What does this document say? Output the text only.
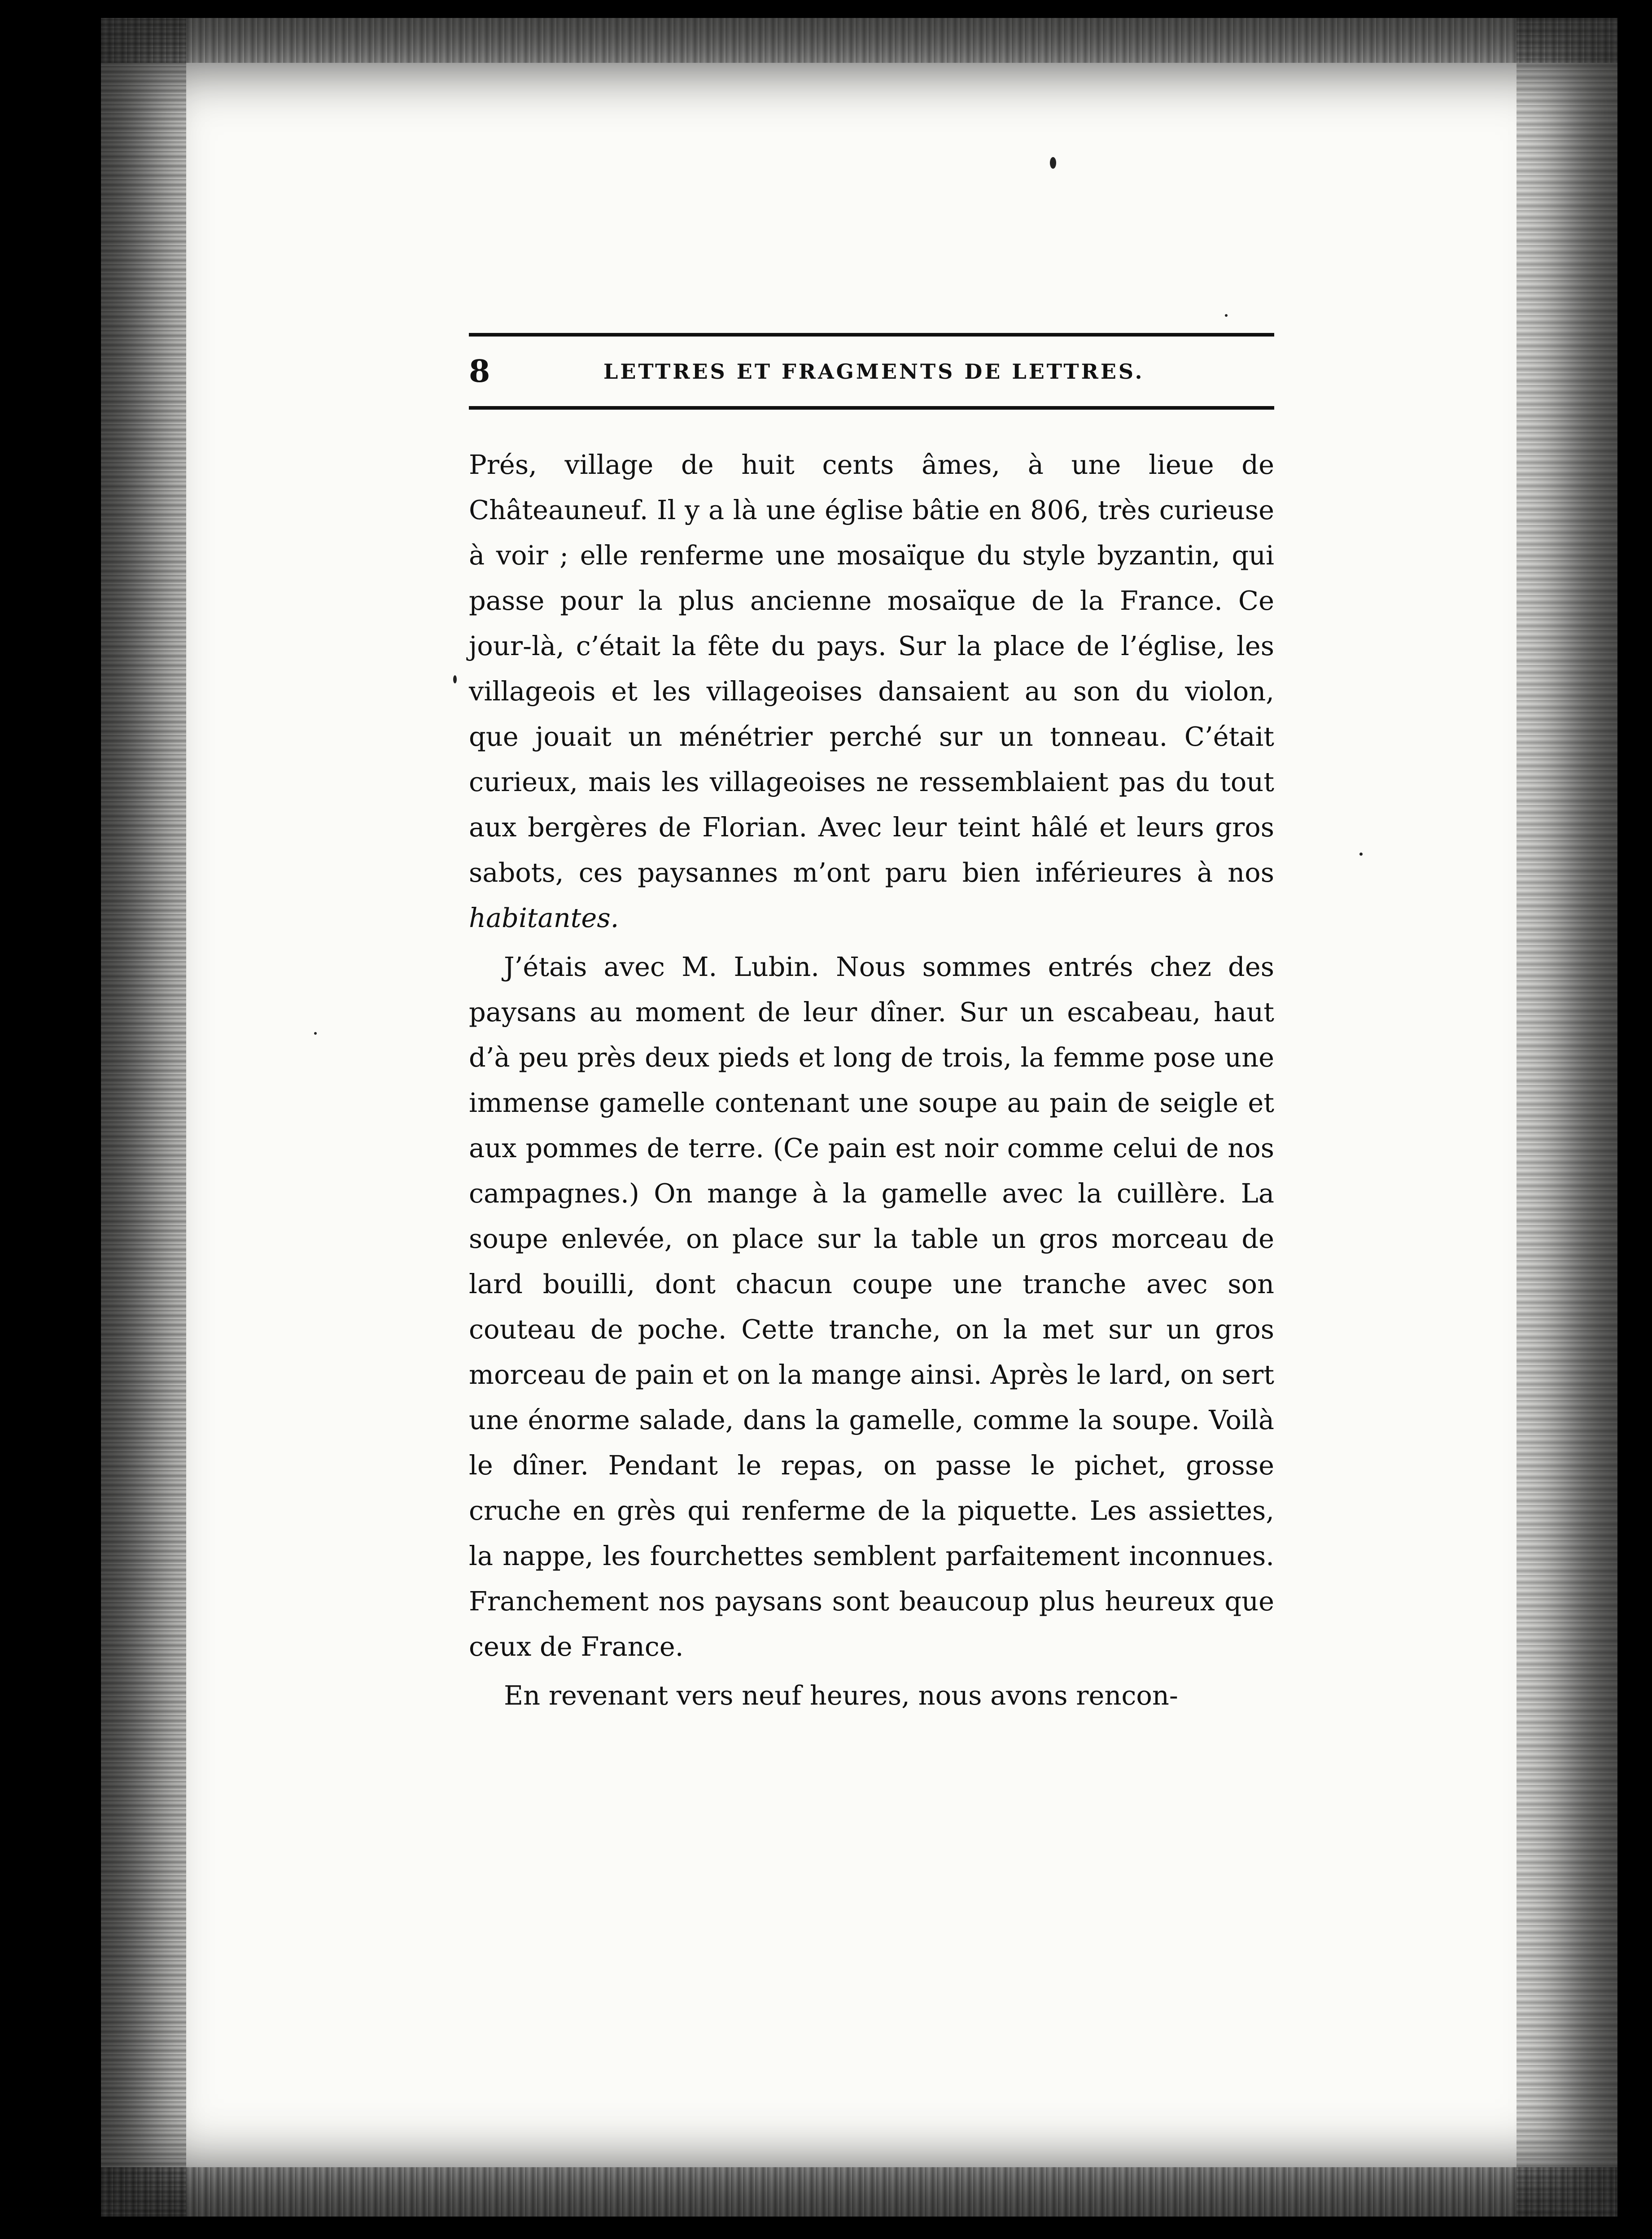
8	LETTRES ET FRAGMENTS DE LETTRES.

Prés, village de huit cents âmes, à une lieue de Châteauneuf. Il y a là une église bâtie en 806, très curieuse à voir ; elle renferme une mosaïque du style byzantin, qui passe pour la plus ancienne mosaïque de la France. Ce jour-là, c’était la fête du pays. Sur la place de l’église, les villageois et les villageoises dansaient au son du violon, que jouait un ménétrier perché sur un tonneau. C’était curieux, mais les villageoises ne ressemblaient pas du tout aux bergères de Florian. Avec leur teint hâlé et leurs gros sabots, ces paysannes m’ont paru bien inférieures à nos habitantes.

J’étais avec M. Lubin. Nous sommes entrés chez des paysans au moment de leur dîner. Sur un escabeau, haut d’à peu près deux pieds et long de trois, la femme pose une immense gamelle contenant une soupe au pain de seigle et aux pommes de terre. (Ce pain est noir comme celui de nos campagnes.) On mange à la gamelle avec la cuillère. La soupe enlevée, on place sur la table un gros morceau de lard bouilli, dont chacun coupe une tranche avec son couteau de poche. Cette tranche, on la met sur un gros morceau de pain et on la mange ainsi. Après le lard, on sert une énorme salade, dans la gamelle, comme la soupe. Voilà le dîner. Pendant le repas, on passe le pichet, grosse cruche en grès qui renferme de la piquette. Les assiettes, la nappe, les fourchettes semblent parfaitement inconnues. Franchement nos paysans sont beaucoup plus heureux que ceux de France.

En revenant vers neuf heures, nous avons rencon-
